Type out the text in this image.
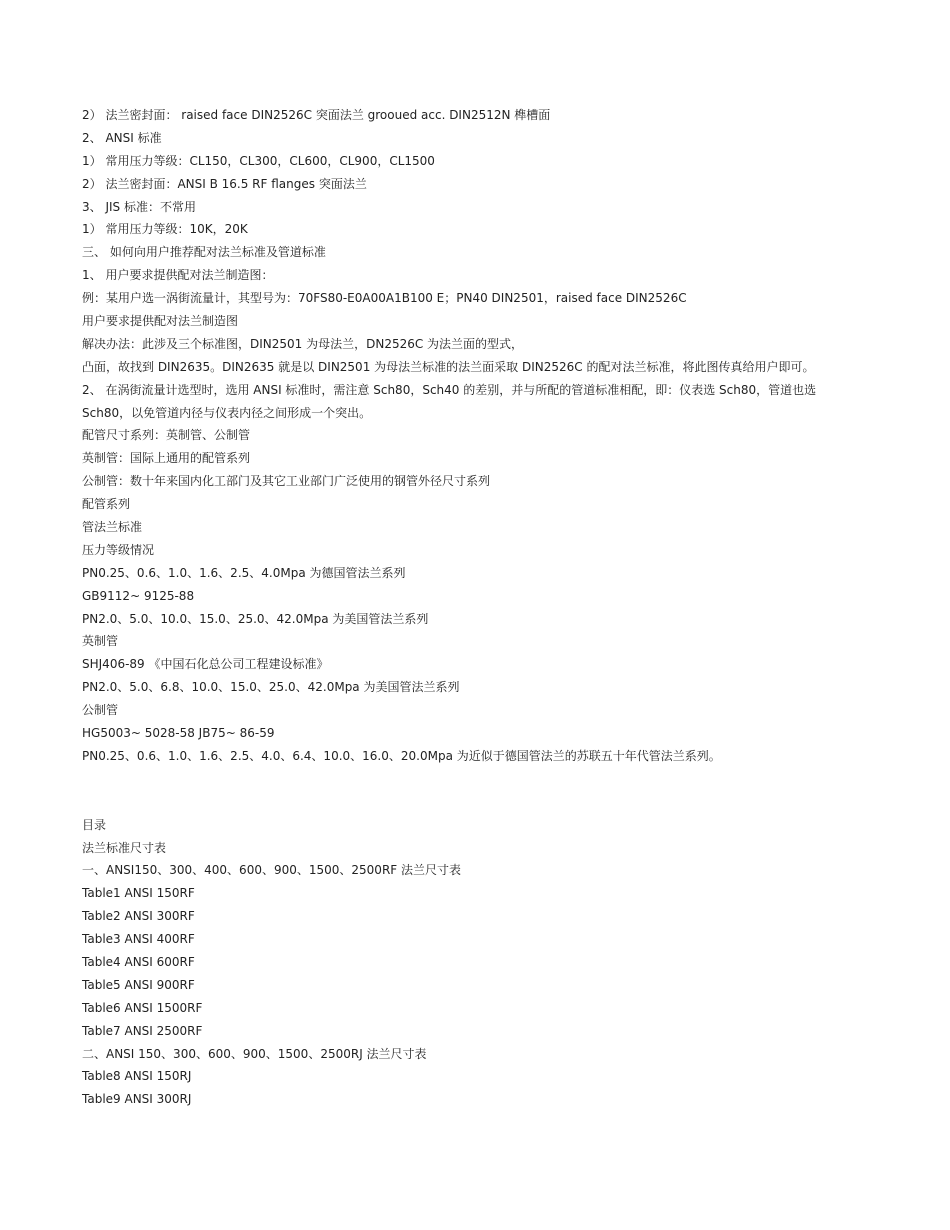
2） 法兰密封面： raised face DIN2526C 突面法兰 grooued acc. DIN2512N 榫槽面
2、 ANSI 标准
1） 常用压力等级：CL150，CL300，CL600，CL900，CL1500
2） 法兰密封面：ANSI B 16.5 RF flanges 突面法兰
3、 JIS 标准：不常用
1） 常用压力等级：10K，20K
三、 如何向用户推荐配对法兰标准及管道标准
1、 用户要求提供配对法兰制造图：
例：某用户选一涡街流量计，其型号为：70FS80-E0A00A1B100 E；PN40 DIN2501，raised face DIN2526C
用户要求提供配对法兰制造图
解决办法：此涉及三个标准图，DIN2501 为母法兰，DN2526C 为法兰面的型式，
凸面，故找到 DIN2635。DIN2635 就是以 DIN2501 为母法兰标准的法兰面采取 DIN2526C 的配对法兰标准，将此图传真给用户即可。
2、 在涡街流量计选型时，选用 ANSI 标准时，需注意 Sch80，Sch40 的差别，并与所配的管道标准相配，即：仪表选 Sch80，管道也选
Sch80，以免管道内径与仪表内径之间形成一个突出。
配管尺寸系列：英制管、公制管
英制管：国际上通用的配管系列
公制管：数十年来国内化工部门及其它工业部门广泛使用的钢管外径尺寸系列
配管系列
管法兰标准
压力等级情况
PN0.25、0.6、1.0、1.6、2.5、4.0Mpa 为德国管法兰系列
GB9112~ 9125-88
PN2.0、5.0、10.0、15.0、25.0、42.0Mpa 为美国管法兰系列
英制管
SHJ406-89 《中国石化总公司工程建设标准》
PN2.0、5.0、6.8、10.0、15.0、25.0、42.0Mpa 为美国管法兰系列
公制管
HG5003~ 5028-58 JB75~ 86-59
PN0.25、0.6、1.0、1.6、2.5、4.0、6.4、10.0、16.0、20.0Mpa 为近似于德国管法兰的苏联五十年代管法兰系列。
目录
法兰标准尺寸表
一、ANSI150、300、400、600、900、1500、2500RF 法兰尺寸表
Table1 ANSI 150RF
Table2 ANSI 300RF
Table3 ANSI 400RF
Table4 ANSI 600RF
Table5 ANSI 900RF
Table6 ANSI 1500RF
Table7 ANSI 2500RF
二、ANSI 150、300、600、900、1500、2500RJ 法兰尺寸表
Table8 ANSI 150RJ
Table9 ANSI 300RJ
